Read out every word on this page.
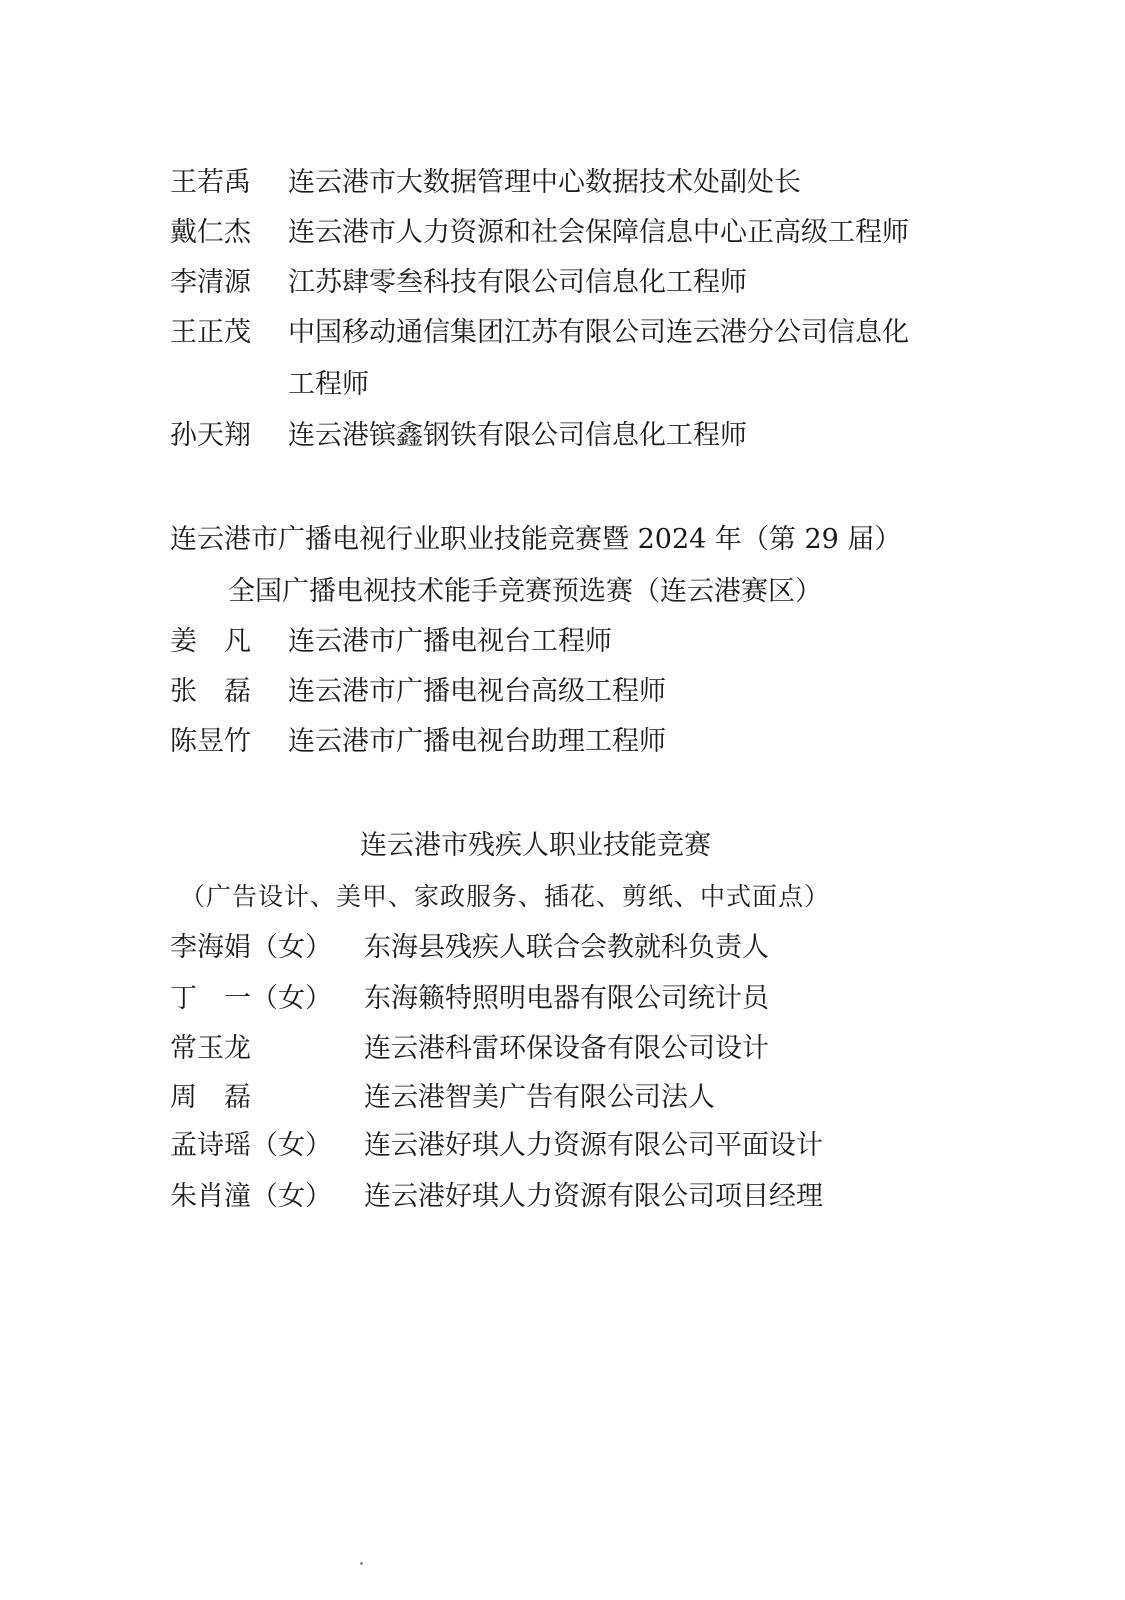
王若禹 连云港市大数据管理中心数据技术处副处长
戴仁杰 连云港市人力资源和社会保障信息中心正高级工程师
李清源 江苏肆零叁科技有限公司信息化工程师
王正茂 中国移动通信集团江苏有限公司连云港分公司信息化
工程师
孙天翔 连云港镔鑫钢铁有限公司信息化工程师
连云港市广播电视行业职业技能竞赛暨 2024 年（第 29 届）
全国广播电视技术能手竞赛预选赛（连云港赛区）
姜　凡 连云港市广播电视台工程师
张　磊 连云港市广播电视台高级工程师
陈昱竹 连云港市广播电视台助理工程师
连云港市残疾人职业技能竞赛
（广告设计、美甲、家政服务、插花、剪纸、中式面点）
李海娟（女） 东海县残疾人联合会教就科负责人
丁　一（女） 东海籁特照明电器有限公司统计员
常玉龙	连云港科雷环保设备有限公司设计
周　磊	连云港智美广告有限公司法人
孟诗瑶（女） 连云港好琪人力资源有限公司平面设计
朱肖潼（女） 连云港好琪人力资源有限公司项目经理
